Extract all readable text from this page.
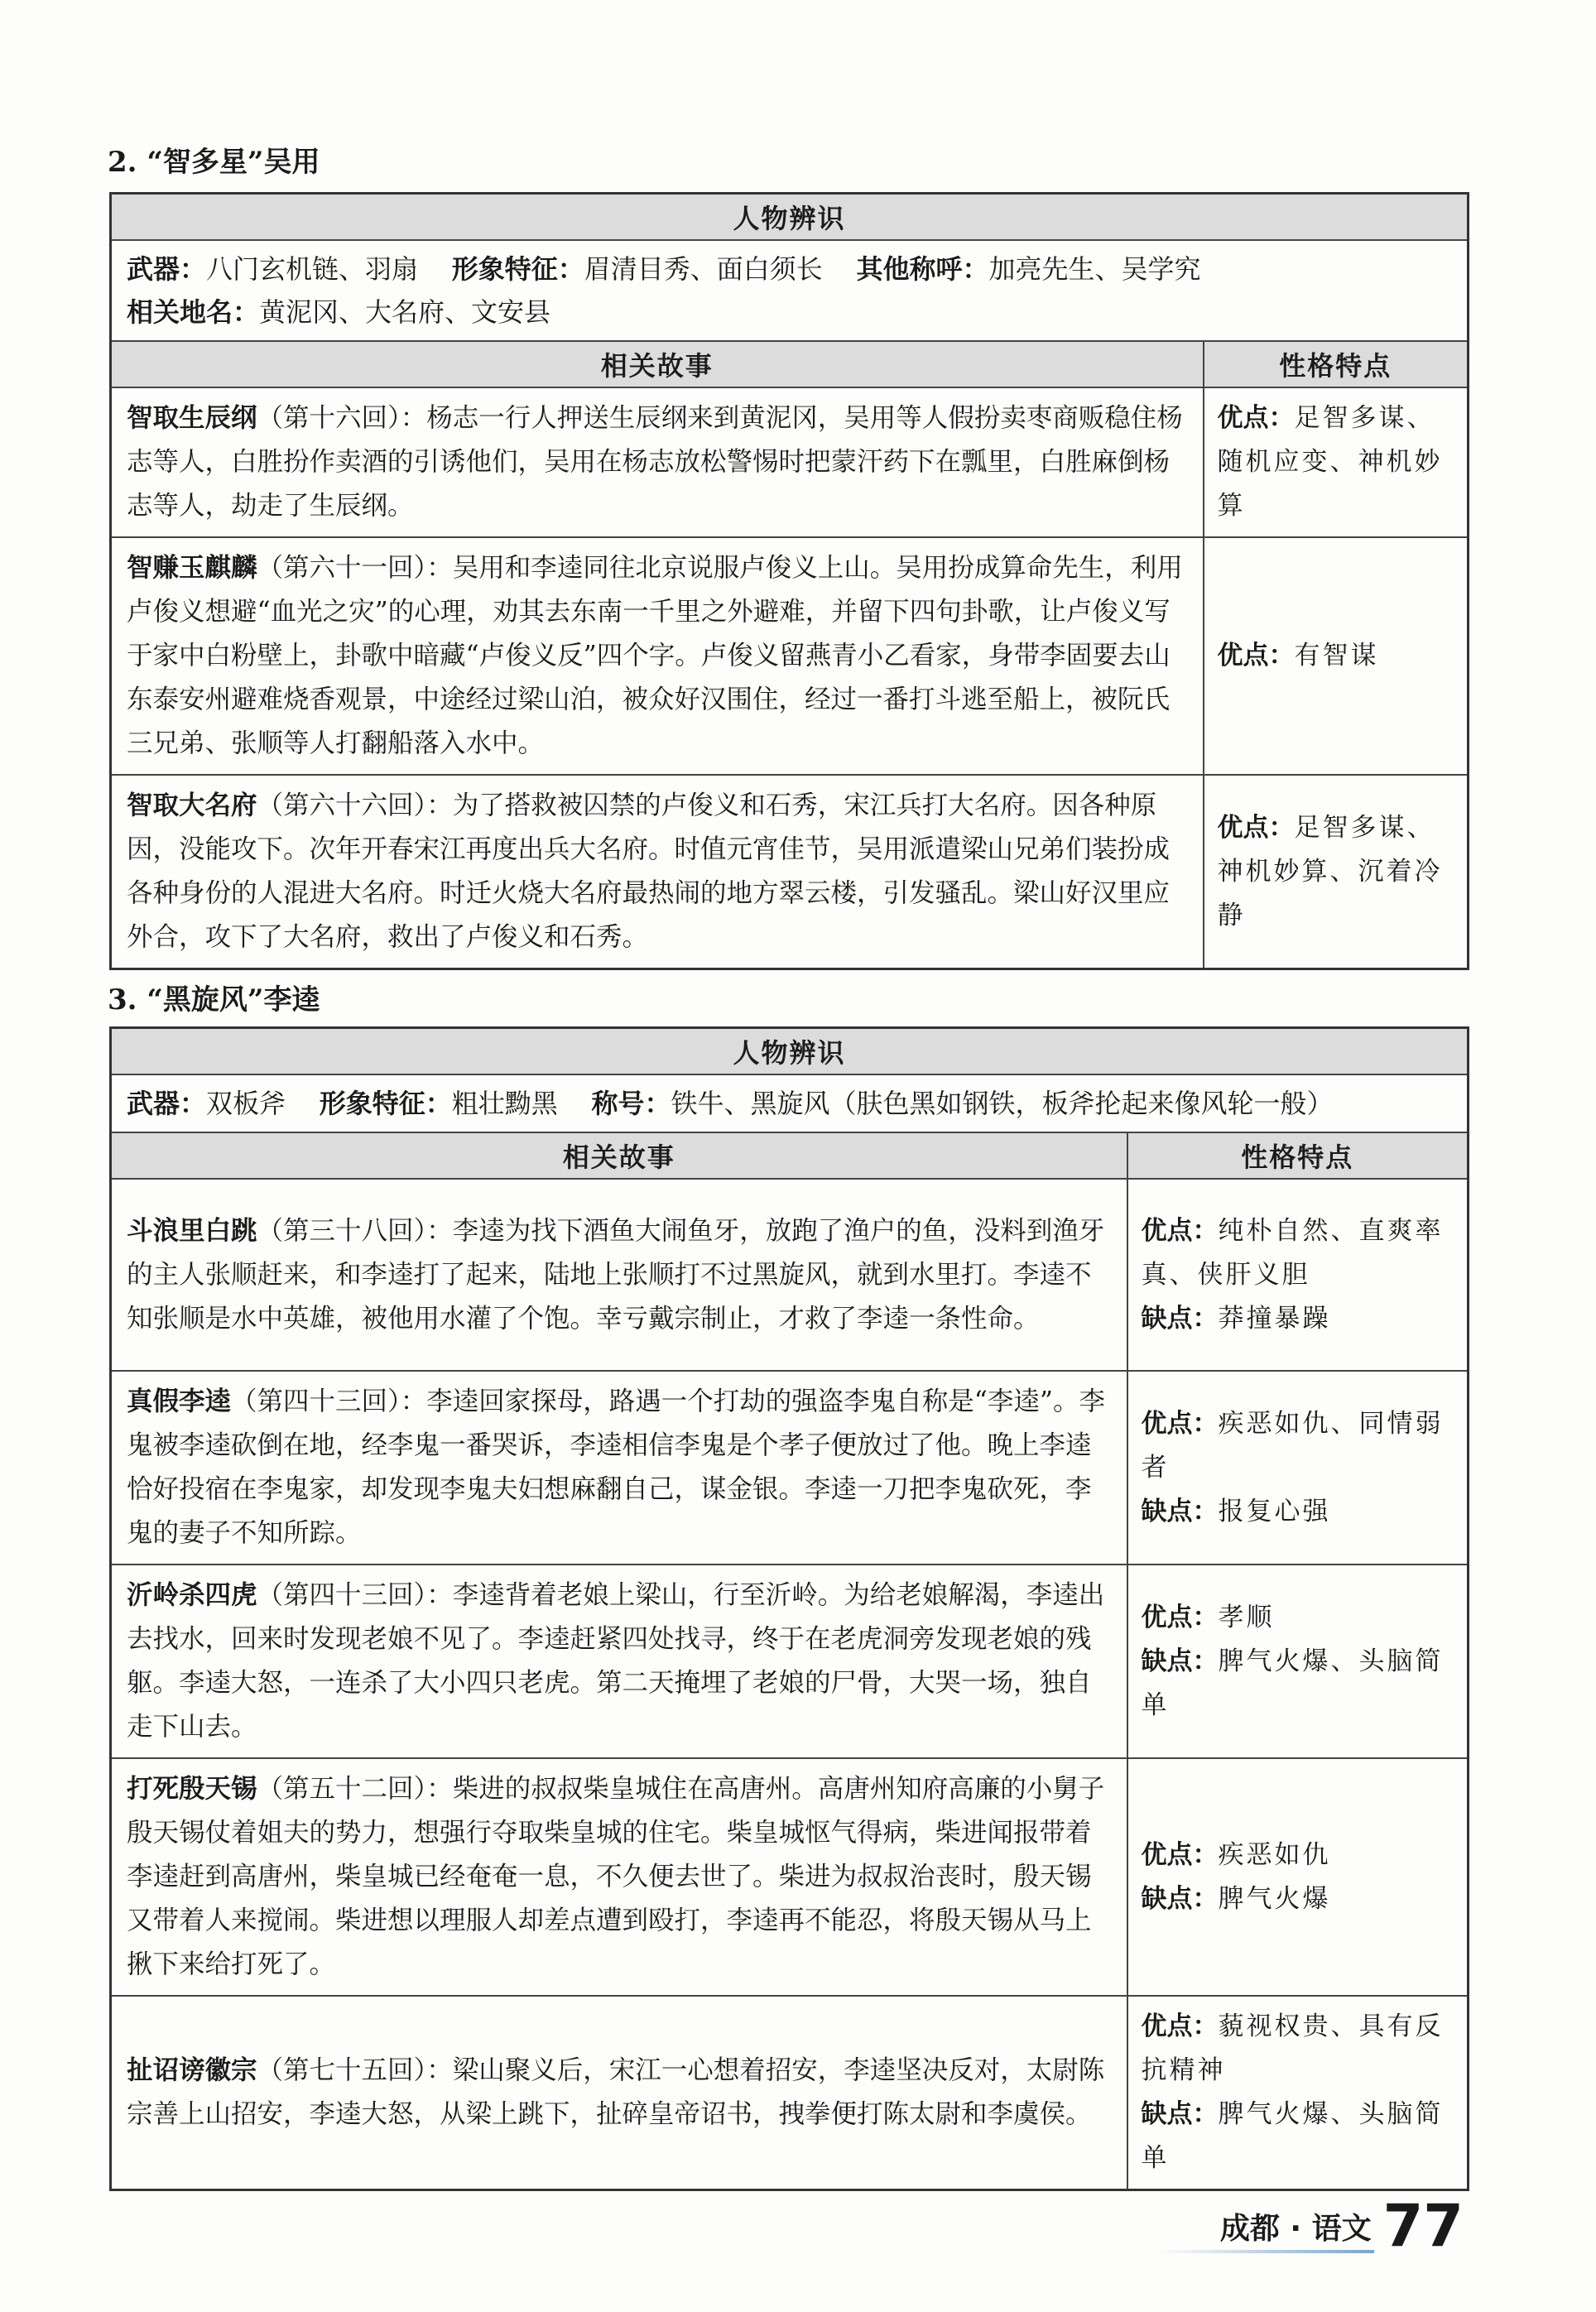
2. “智多星”吴用
人物辨识	

武器：八门玄机链、羽扇 形象特征：眉清目秀、面白须长 其他称呼：加亮先生、吴学究
相关地名：黄泥冈、大名府、文安县	

相关故事	性格特点
智取生辰纲（第十六回）：杨志一行人押送生辰纲来到黄泥冈，吴用等人假扮卖枣商贩稳住杨志等人，白胜扮作卖酒的引诱他们，吴用在杨志放松警惕时把蒙汗药下在瓢里，白胜麻倒杨志等人，劫走了生辰纲。	优点：足智多谋、随机应变、神机妙算
智赚玉麒麟（第六十一回）：吴用和李逵同往北京说服卢俊义上山。吴用扮成算命先生，利用卢俊义想避“血光之灾”的心理，劝其去东南一千里之外避难，并留下四句卦歌，让卢俊义写于家中白粉壁上，卦歌中暗藏“卢俊义反”四个字。卢俊义留燕青小乙看家，身带李固要去山东泰安州避难烧香观景，中途经过梁山泊，被众好汉围住，经过一番打斗逃至船上，被阮氏三兄弟、张顺等人打翻船落入水中。	优点：有智谋
智取大名府（第六十六回）：为了搭救被囚禁的卢俊义和石秀，宋江兵打大名府。因各种原因，没能攻下。次年开春宋江再度出兵大名府。时值元宵佳节，吴用派遣梁山兄弟们装扮成各种身份的人混进大名府。时迁火烧大名府最热闹的地方翠云楼，引发骚乱。梁山好汉里应外合，攻下了大名府，救出了卢俊义和石秀。	优点：足智多谋、神机妙算、沉着冷静
3. “黑旋风”李逵
人物辨识	
武器：双板斧 形象特征：粗壮黝黑 称号：铁牛、黑旋风（肤色黑如钢铁，板斧抡起来像风轮一般）	
相关故事	性格特点
斗浪里白跳（第三十八回）：李逵为找下酒鱼大闹鱼牙，放跑了渔户的鱼，没料到渔牙的主人张顺赶来，和李逵打了起来，陆地上张顺打不过黑旋风，就到水里打。李逵不知张顺是水中英雄，被他用水灌了个饱。幸亏戴宗制止，才救了李逵一条性命。	优点：纯朴自然、直爽率真、侠肝义胆
缺点：莽撞暴躁

真假李逵（第四十三回）：李逵回家探母，路遇一个打劫的强盗李鬼自称是“李逵”。李鬼被李逵砍倒在地，经李鬼一番哭诉，李逵相信李鬼是个孝子便放过了他。晚上李逵恰好投宿在李鬼家，却发现李鬼夫妇想麻翻自己，谋金银。李逵一刀把李鬼砍死，李鬼的妻子不知所踪。	优点：疾恶如仇、同情弱者
缺点：报复心强

沂岭杀四虎（第四十三回）：李逵背着老娘上梁山，行至沂岭。为给老娘解渴，李逵出去找水，回来时发现老娘不见了。李逵赶紧四处找寻，终于在老虎洞旁发现老娘的残躯。李逵大怒，一连杀了大小四只老虎。第二天掩埋了老娘的尸骨，大哭一场，独自走下山去。	优点：孝顺
缺点：脾气火爆、头脑简单

打死殷天锡（第五十二回）：柴进的叔叔柴皇城住在高唐州。高唐州知府高廉的小舅子殷天锡仗着姐夫的势力，想强行夺取柴皇城的住宅。柴皇城怄气得病，柴进闻报带着李逵赶到高唐州，柴皇城已经奄奄一息，不久便去世了。柴进为叔叔治丧时，殷天锡又带着人来搅闹。柴进想以理服人却差点遭到殴打，李逵再不能忍，将殷天锡从马上揪下来给打死了。	优点：疾恶如仇
缺点：脾气火爆

扯诏谤徽宗（第七十五回）：梁山聚义后，宋江一心想着招安，李逵坚决反对，太尉陈宗善上山招安，李逵大怒，从梁上跳下，扯碎皇帝诏书，拽拳便打陈太尉和李虞侯。	优点：藐视权贵、具有反抗精神
缺点：脾气火爆、头脑简单
成都 · 语文 77
